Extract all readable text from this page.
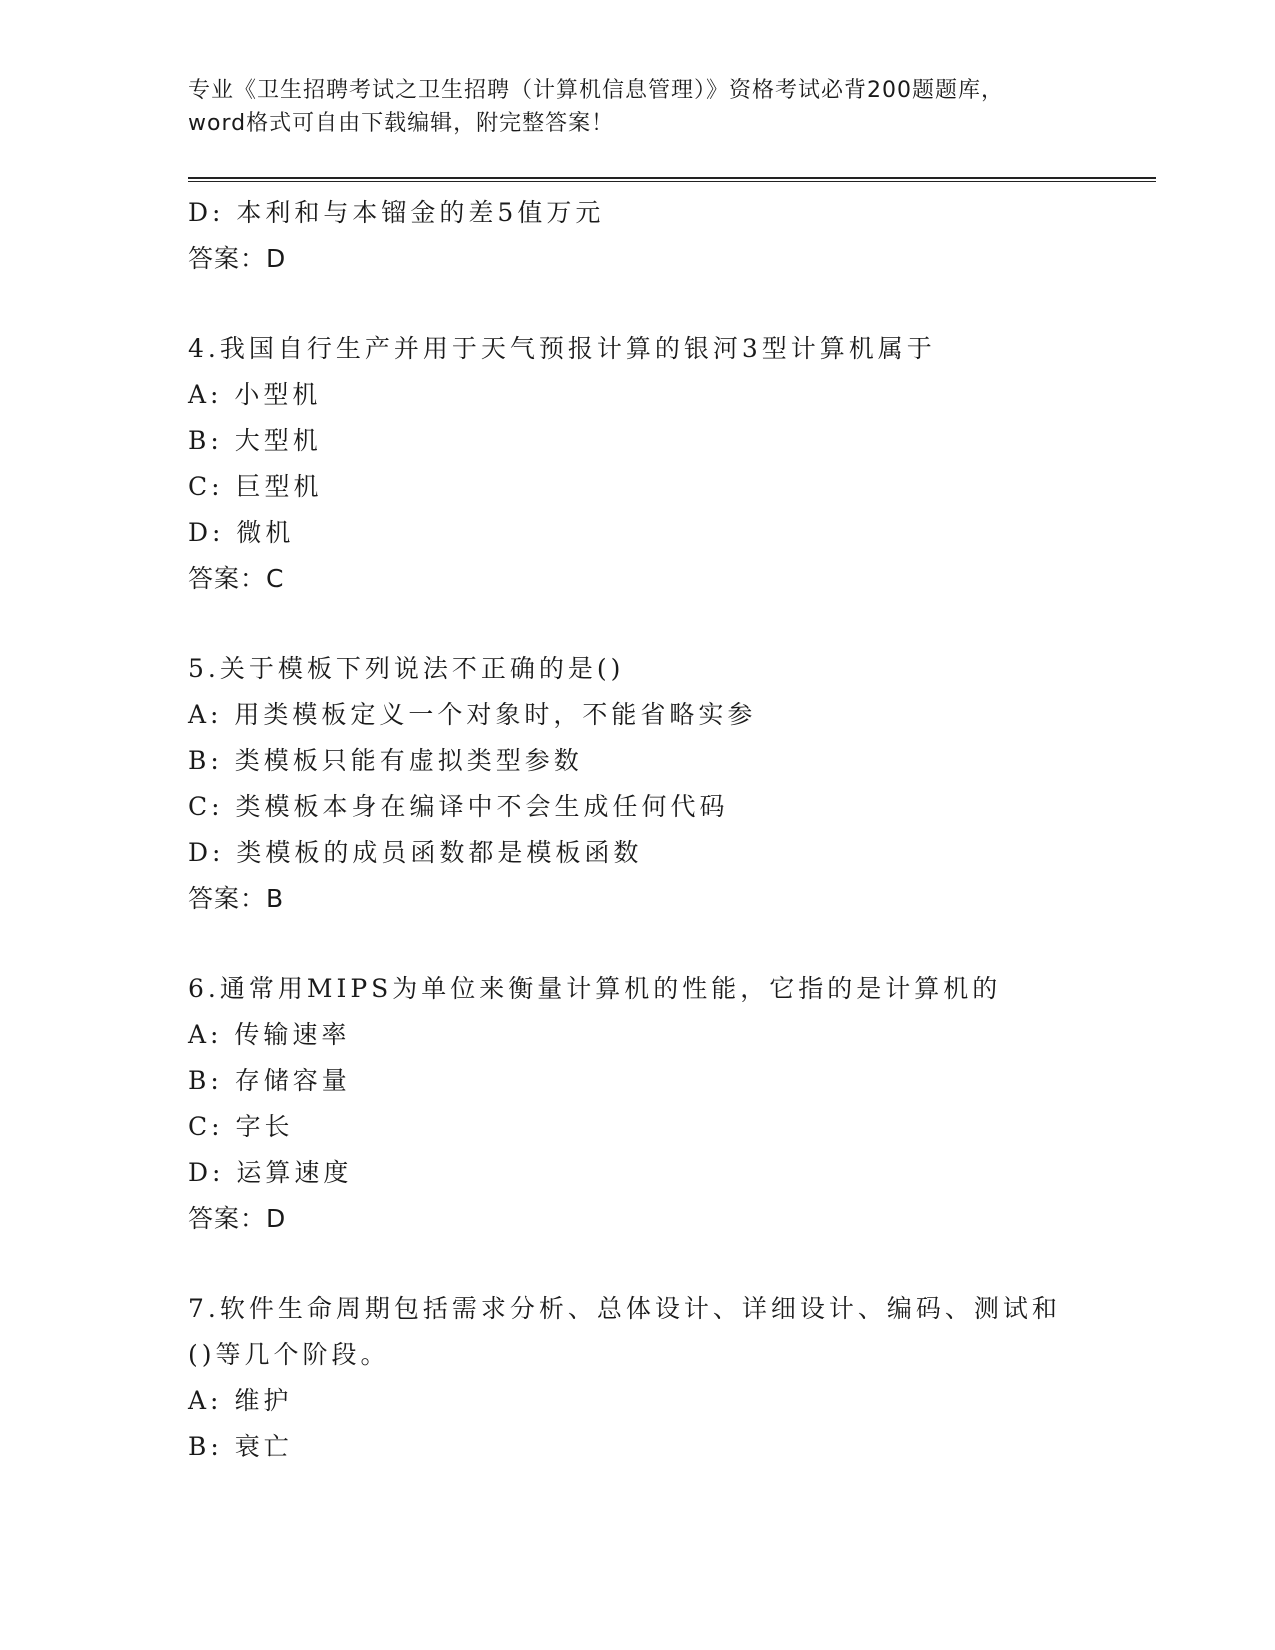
专业《卫生招聘考试之卫生招聘（计算机信息管理）》资格考试必背200题题库，
word格式可自由下载编辑，附完整答案！
D: 本利和与本镏金的差5值万元
答案：D
4.我国自行生产并用于天气预报计算的银河3型计算机属于
A: 小型机
B: 大型机
C: 巨型机
D: 微机
答案：C
5.关于模板下列说法不正确的是()
A: 用类模板定义一个对象时，不能省略实参
B: 类模板只能有虚拟类型参数
C: 类模板本身在编译中不会生成任何代码
D: 类模板的成员函数都是模板函数
答案：B
6.通常用MIPS为单位来衡量计算机的性能，它指的是计算机的
A: 传输速率
B: 存储容量
C: 字长
D: 运算速度
答案：D
7.软件生命周期包括需求分析、总体设计、详细设计、编码、测试和
()等几个阶段。
A: 维护
B: 衰亡
